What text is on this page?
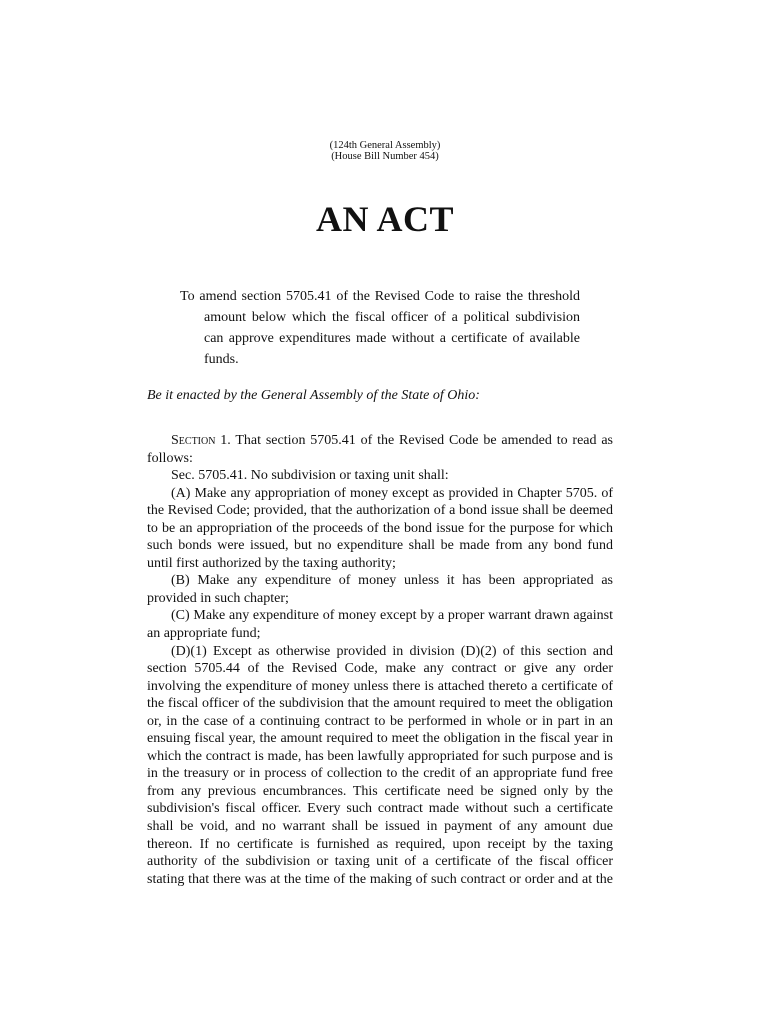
(124th General Assembly)
(House Bill Number 454)
AN ACT
To amend section 5705.41 of the Revised Code to raise the threshold amount below which the fiscal officer of a political subdivision can approve expenditures made without a certificate of available funds.
Be it enacted by the General Assembly of the State of Ohio:

Section 1. That section 5705.41 of the Revised Code be amended to read as follows:

Sec. 5705.41. No subdivision or taxing unit shall:

(A) Make any appropriation of money except as provided in Chapter 5705. of the Revised Code; provided, that the authorization of a bond issue shall be deemed to be an appropriation of the proceeds of the bond issue for the purpose for which such bonds were issued, but no expenditure shall be made from any bond fund until first authorized by the taxing authority;

(B) Make any expenditure of money unless it has been appropriated as provided in such chapter;

(C) Make any expenditure of money except by a proper warrant drawn against an appropriate fund;

(D)(1) Except as otherwise provided in division (D)(2) of this section and section 5705.44 of the Revised Code, make any contract or give any order involving the expenditure of money unless there is attached thereto a certificate of the fiscal officer of the subdivision that the amount required to meet the obligation or, in the case of a continuing contract to be performed in whole or in part in an ensuing fiscal year, the amount required to meet the obligation in the fiscal year in which the contract is made, has been lawfully appropriated for such purpose and is in the treasury or in process of collection to the credit of an appropriate fund free from any previous encumbrances. This certificate need be signed only by the subdivision's fiscal officer. Every such contract made without such a certificate shall be void, and no warrant shall be issued in payment of any amount due thereon. If no certificate is furnished as required, upon receipt by the taxing authority of the subdivision or taxing unit of a certificate of the fiscal officer stating that there was at the time of the making of such contract or order and at the
